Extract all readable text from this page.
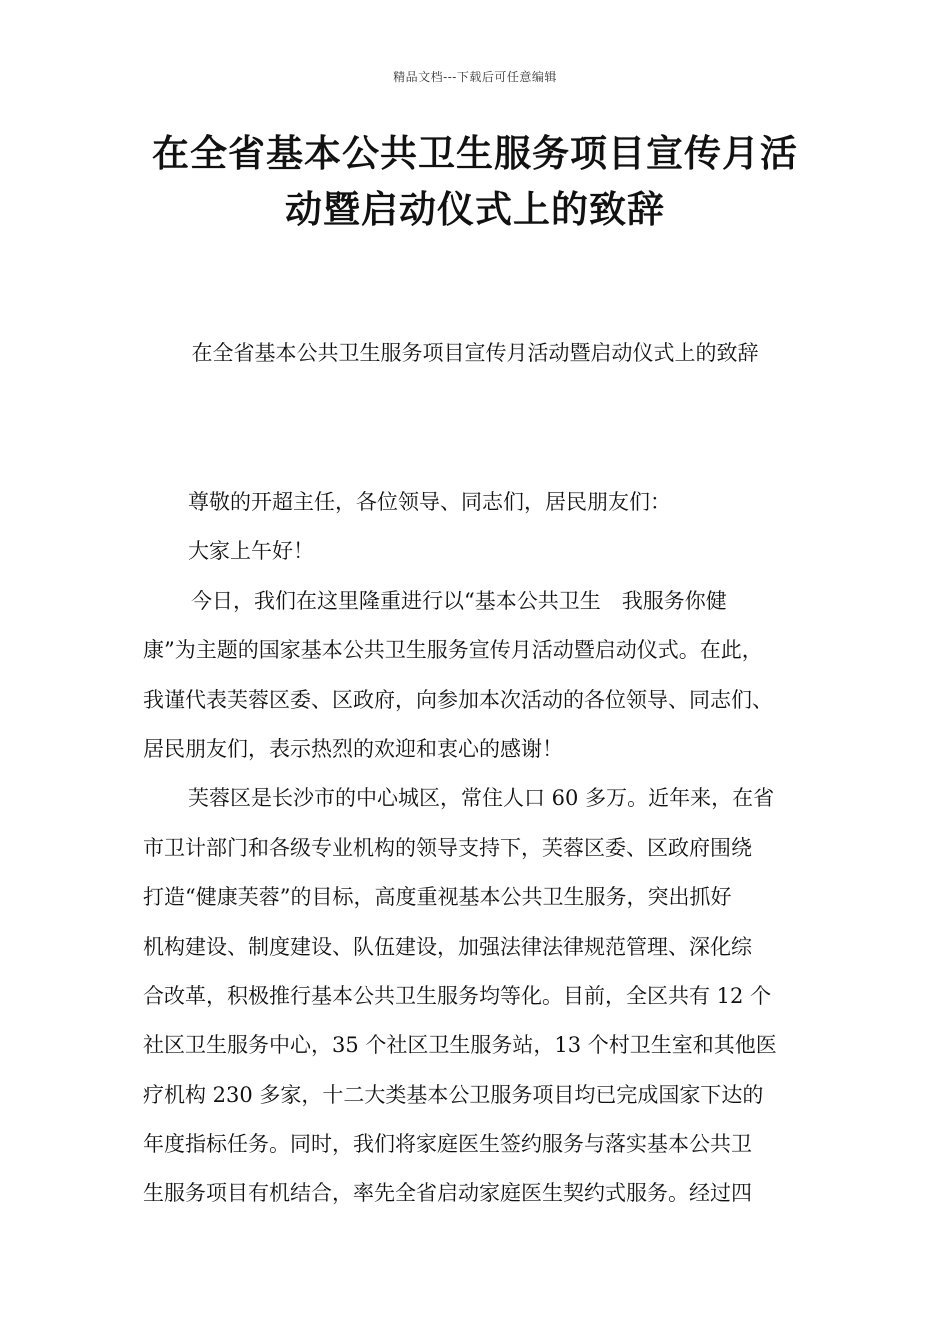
精品文档---下载后可任意编辑
在全省基本公共卫生服务项目宣传月活
动暨启动仪式上的致辞
在全省基本公共卫生服务项目宣传月活动暨启动仪式上的致辞
尊敬的开超主任，各位领导、同志们，居民朋友们：
大家上午好！
今日，我们在这里隆重进行以“基本公共卫生　我服务你健
康”为主题的国家基本公共卫生服务宣传月活动暨启动仪式。在此，
我谨代表芙蓉区委、区政府，向参加本次活动的各位领导、同志们、
居民朋友们，表示热烈的欢迎和衷心的感谢！
芙蓉区是长沙市的中心城区，常住人口 60 多万。近年来，在省
市卫计部门和各级专业机构的领导支持下，芙蓉区委、区政府围绕
打造“健康芙蓉”的目标，高度重视基本公共卫生服务，突出抓好
机构建设、制度建设、队伍建设，加强法律法律规范管理、深化综
合改革，积极推行基本公共卫生服务均等化。目前，全区共有 12 个
社区卫生服务中心，35 个社区卫生服务站，13 个村卫生室和其他医
疗机构 230 多家，十二大类基本公卫服务项目均已完成国家下达的
年度指标任务。同时，我们将家庭医生签约服务与落实基本公共卫
生服务项目有机结合，率先全省启动家庭医生契约式服务。经过四
